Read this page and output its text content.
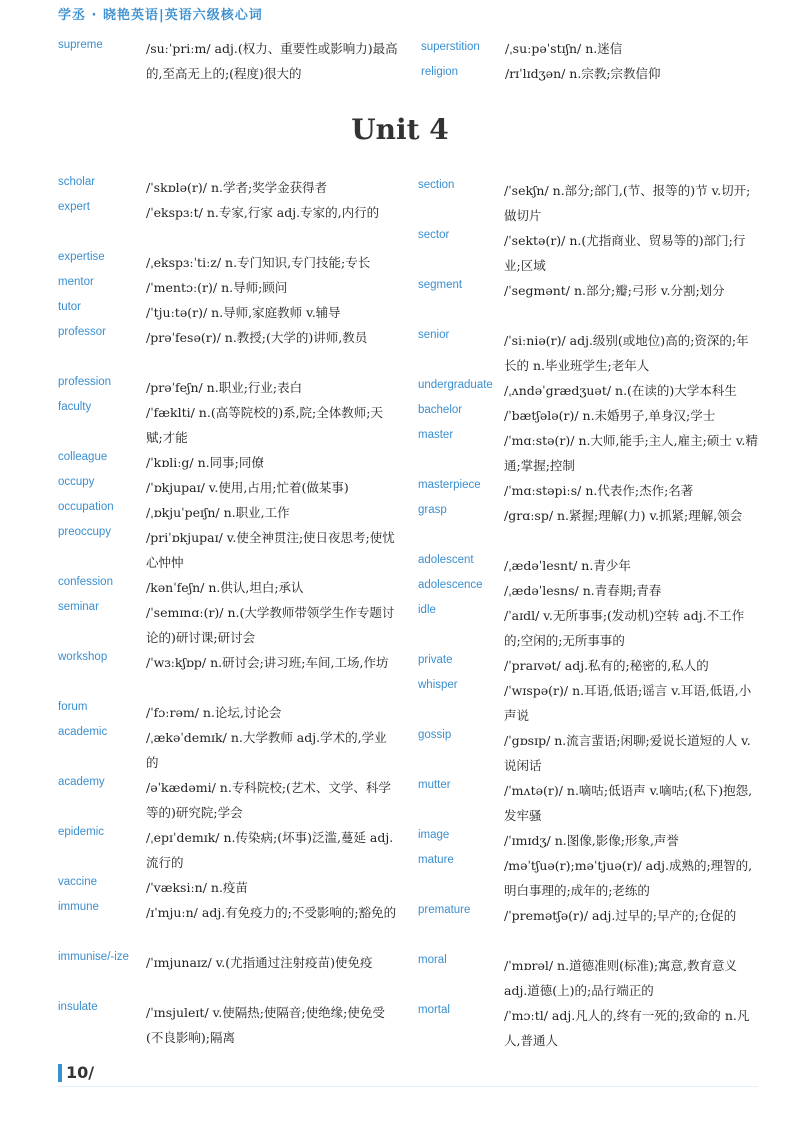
学丞 · 晓艳英语|英语六级核心词
supreme	/suːˈpriːm/ adj.(权力、重要性或影响力)最高的,至高无上的;(程度)很大的
superstition /ˌsuːpəˈstɪʃn/ n.迷信
religion	/rɪˈlɪdʒən/ n.宗教;宗教信仰
Unit 4
scholar	/ˈskɒlə(r)/ n.学者;奖学金获得者
expert	/ˈekspɜːt/ n.专家,行家 adj.专家的,内行的
expertise	/ˌekspɜːˈtiːz/ n.专门知识,专门技能;专长
mentor	/ˈmentɔː(r)/ n.导师;顾问
tutor	/ˈtjuːtə(r)/ n.导师,家庭教师 v.辅导
professor	/prəˈfesə(r)/ n.教授;(大学的)讲师,教员
profession	/prəˈfeʃn/ n.职业;行业;表白
faculty	/ˈfæklti/ n.(高等院校的)系,院;全体教师;天赋;才能
colleague	/ˈkɒliːg/ n.同事;同僚
occupy	/ˈɒkjupaɪ/ v.使用,占用;忙着(做某事)
occupation	/ˌɒkjuˈpeɪʃn/ n.职业,工作
preoccupy	/priˈɒkjupaɪ/ v.使全神贯注;使日夜思考;使忧心忡忡
confession	/kənˈfeʃn/ n.供认,坦白;承认
seminar	/ˈsemɪnɑː(r)/ n.(大学教师带领学生作专题讨论的)研讨课;研讨会
workshop	/ˈwɜːkʃɒp/ n.研讨会;讲习班;车间,工场,作坊
forum	/ˈfɔːrəm/ n.论坛,讨论会
academic	/ˌækəˈdemɪk/ n.大学教师 adj.学术的,学业的
academy	/əˈkædəmi/ n.专科院校;(艺术、文学、科学等的)研究院;学会
epidemic	/ˌepɪˈdemɪk/ n.传染病;(坏事)泛滥,蔓延 adj.流行的
vaccine	/ˈvæksiːn/ n.疫苗
immune	/ɪˈmjuːn/ adj.有免疫力的;不受影响的;豁免的
immunise/-ize /ˈɪmjunaɪz/ v.(尤指通过注射疫苗)使免疫
insulate	/ˈɪnsjuleɪt/ v.使隔热;使隔音;使绝缘;使免受(不良影响);隔离
section	/ˈsekʃn/ n.部分;部门,(节、报等的)节 v.切开;做切片
sector	/ˈsektə(r)/ n.(尤指商业、贸易等的)部门;行业;区域
segment	/ˈsegmənt/ n.部分;瓣;弓形 v.分割;划分
senior	/ˈsiːniə(r)/ adj.级别(或地位)高的;资深的;年长的 n.毕业班学生;老年人
undergraduate /ˌʌndəˈgrædʒuət/ n.(在读的)大学本科生
bachelor	/ˈbætʃələ(r)/ n.未婚男子,单身汉;学士
master	/ˈmɑːstə(r)/ n.大师,能手;主人,雇主;硕士 v.精通;掌握;控制
masterpiece /ˈmɑːstəpiːs/ n.代表作;杰作;名著
grasp	/grɑːsp/ n.紧握;理解(力) v.抓紧;理解,领会
adolescent /ˌædəˈlesnt/ n.青少年
adolescence /ˌædəˈlesns/ n.青春期;青春
idle	/ˈaɪdl/ v.无所事事;(发动机)空转 adj.不工作的;空闲的;无所事事的
private	/ˈpraɪvət/ adj.私有的;秘密的,私人的
whisper	/ˈwɪspə(r)/ n.耳语,低语;谣言 v.耳语,低语,小声说
gossip	/ˈgɒsɪp/ n.流言蜚语;闲聊;爱说长道短的人 v.说闲话
mutter	/ˈmʌtə(r)/ n.嘀咕;低语声 v.嘀咕;(私下)抱怨,发牢骚
image	/ˈɪmɪdʒ/ n.图像,影像;形象,声誉
mature	/məˈtʃuə(r);məˈtjuə(r)/ adj.成熟的;理智的,明白事理的;成年的;老练的
premature	/ˈpremətʃə(r)/ adj.过早的;早产的;仓促的
moral	/ˈmɒrəl/ n.道德准则(标准);寓意,教育意义 adj.道德(上)的;品行端正的
mortal	/ˈmɔːtl/ adj.凡人的,终有一死的;致命的 n.凡人,普通人
10/
